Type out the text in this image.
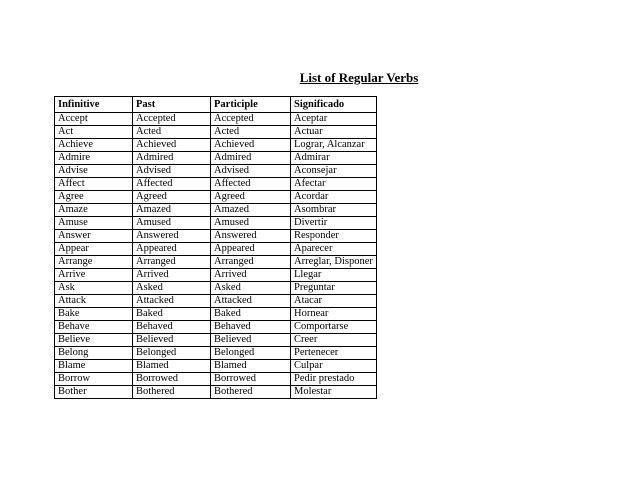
List of Regular Verbs
Infinitive	Past	Participle	Significado
Accept	Accepted	Accepted	Aceptar
Act	Acted	Acted	Actuar
Achieve	Achieved	Achieved	Lograr, Alcanzar
Admire	Admired	Admired	Admirar
Advise	Advised	Advised	Aconsejar
Affect	Affected	Affected	Afectar
Agree	Agreed	Agreed	Acordar
Amaze	Amazed	Amazed	Asombrar
Amuse	Amused	Amused	Divertir
Answer	Answered	Answered	Responder
Appear	Appeared	Appeared	Aparecer
Arrange	Arranged	Arranged	Arreglar, Disponer
Arrive	Arrived	Arrived	Llegar
Ask	Asked	Asked	Preguntar
Attack	Attacked	Attacked	Atacar
Bake	Baked	Baked	Hornear
Behave	Behaved	Behaved	Comportarse
Believe	Believed	Believed	Creer
Belong	Belonged	Belonged	Pertenecer
Blame	Blamed	Blamed	Culpar
Borrow	Borrowed	Borrowed	Pedir prestado
Bother	Bothered	Bothered	Molestar
